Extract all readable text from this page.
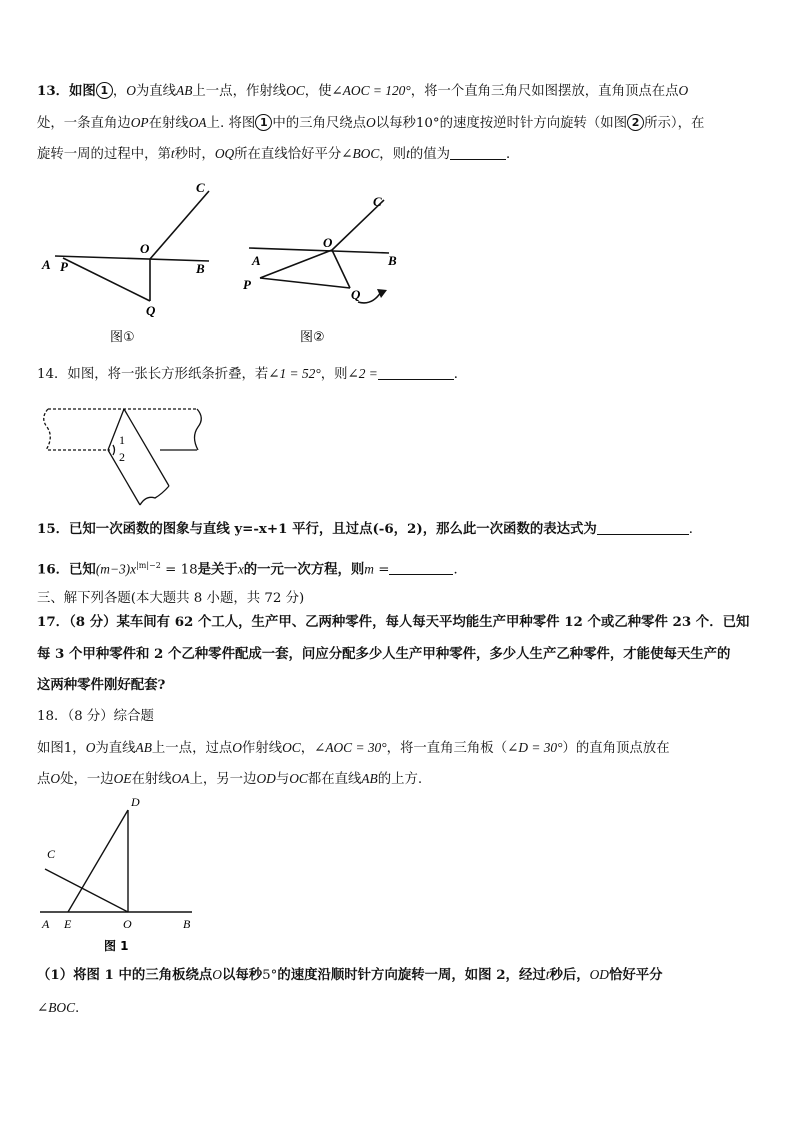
13．如图 1 ，O为直线AB上一点，作射线OC，使∠AOC = 120°，将一个直角三角尺如图摆放，直角顶点在点O
处，一条直角边OP在射线OA上. 将图 1 中的三角尺绕点O以每秒10°的速度按逆时针方向旋转（如图 2 所示），在
旋转一周的过程中，第t秒时，OQ所在直线恰好平分∠BOC，则t的值为	．
C
O
A P	B
Q
图①
C
O
A
P
B
Q
图②
14．如图，将一张长方形纸条折叠，若∠1 = 52°，则∠2 =	．
1
2
15．已知一次函数的图象与直线 y=-x+1 平行，且过点(-6，2)，那么此一次函数的表达式为	．
16．已知$(m-3)x^{|m|-2} = 18$是关于x的一元一次方程，则m =	．
三、解下列各题(本大题共 8 小题，共 72 分)
17．（8 分）某车间有 62 个工人，生产甲、乙两种零件，每人每天平均能生产甲种零件 12 个或乙种零件 23 个．已知
每 3 个甲种零件和 2 个乙种零件配成一套，问应分配多少人生产甲种零件，多少人生产乙种零件，才能使每天生产的
这两种零件刚好配套?
18．（8 分）综合题
如图1，O为直线AB上一点，过点O作射线OC，∠AOC = 30°，将一直角三角板（∠D = 30°）的直角顶点放在
点O处，一边OE在射线OA上，另一边OD与OC都在直线AB的上方.
D
C
A E	O	B
图 1
（1）将图 1 中的三角板绕点O以每秒5°的速度沿顺时针方向旋转一周，如图 2，经过t秒后，OD恰好平分
∠BOC.
